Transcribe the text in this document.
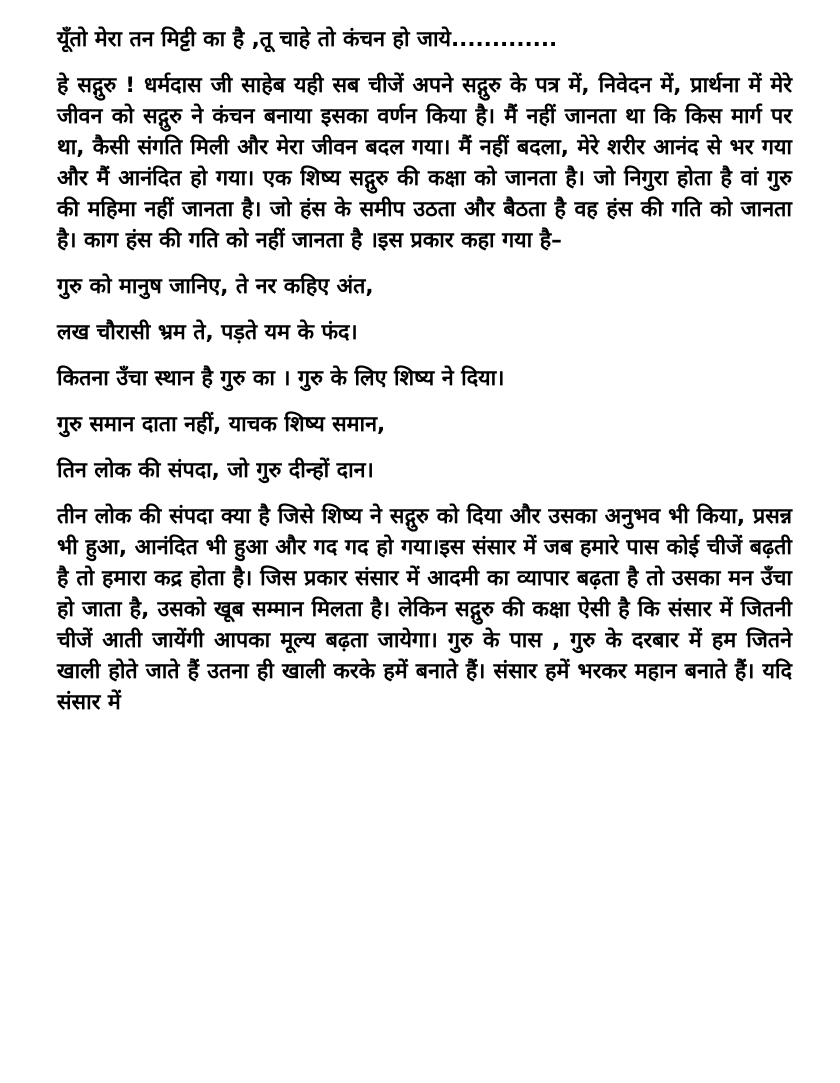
यूँतो मेरा तन मिट्टी का है ,तू चाहे तो कंचन हो जाये.............

हे सद्गुरु ! धर्मदास जी साहेब यही सब चीजें अपने सद्गुरु के पत्र में, निवेदन में, प्रार्थना में मेरे जीवन को सद्गुरु ने कंचन बनाया इसका वर्णन किया है। मैं नहीं जानता था कि किस मार्ग पर था, कैसी संगति मिली और मेरा जीवन बदल गया। मैं नहीं बदला, मेरे शरीर आनंद से भर गया और मैं आनंदित हो गया। एक शिष्य सद्गुरु की कक्षा को जानता है। जो निगुरा होता है वां गुरु की महिमा नहीं जानता है। जो हंस के समीप उठता और बैठता है वह हंस की गति को जानता है। काग हंस की गति को नहीं जानता है ।इस प्रकार कहा गया है–

गुरु को मानुष जानिए, ते नर कहिए अंत,

लख चौरासी भ्रम ते, पड़ते यम के फंद।

कितना उँचा स्थान है गुरु का । गुरु के लिए शिष्य ने दिया।

गुरु समान दाता नहीं, याचक शिष्य समान,

तिन लोक की संपदा, जो गुरु दीन्हों दान।

तीन लोक की संपदा क्या है जिसे शिष्य ने सद्गुरु को दिया और उसका अनुभव भी किया, प्रसन्न भी हुआ, आनंदित भी हुआ और गद गद हो गया।इस संसार में जब हमारे पास कोई चीजें बढ़ती है तो हमारा कद्र होता है। जिस प्रकार संसार में आदमी का व्यापार बढ़ता है तो उसका मन उँचा हो जाता है, उसको खूब सम्मान मिलता है। लेकिन सद्गुरु की कक्षा ऐसी है कि संसार में जितनी चीजें आती जायेंगी आपका मूल्य बढ़ता जायेगा। गुरु के पास , गुरु के दरबार में हम जितने खाली होते जाते हैं उतना ही खाली करके हमें बनाते हैं। संसार हमें भरकर महान बनाते हैं। यदि संसार में
